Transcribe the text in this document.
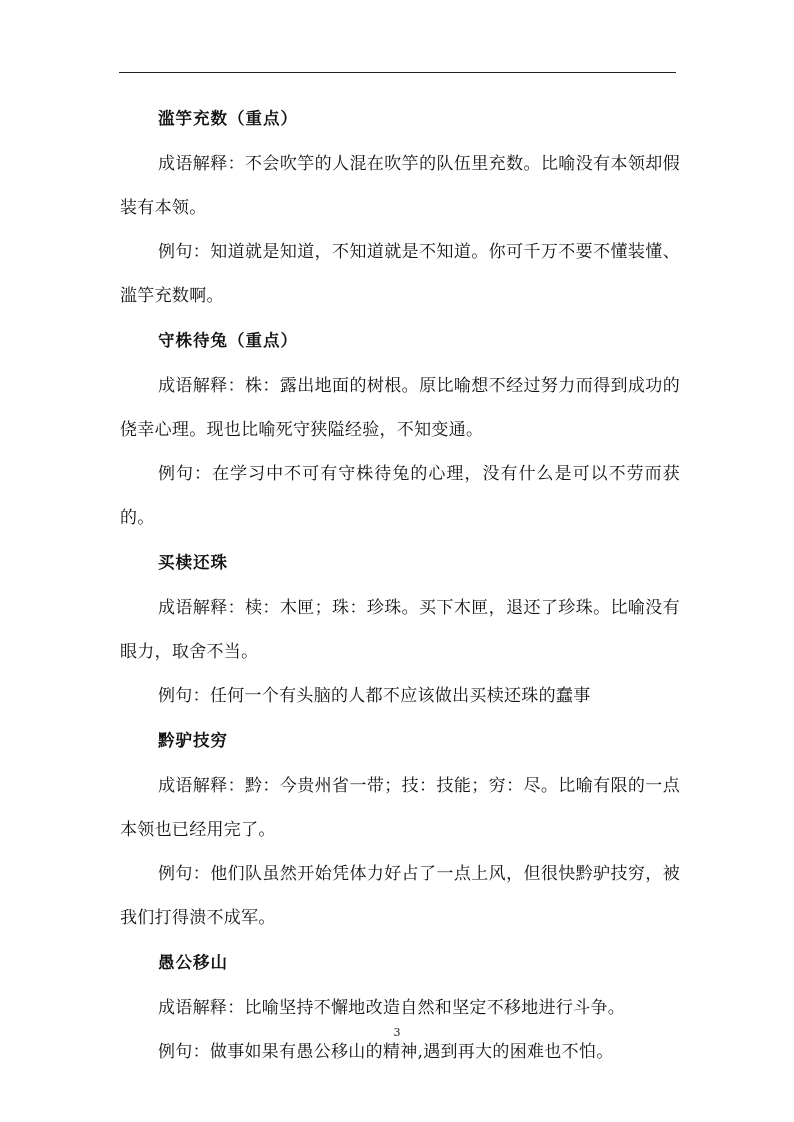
滥竽充数（重点）

成语解释：不会吹竽的人混在吹竽的队伍里充数。比喻没有本领却假装有本领。

例句：知道就是知道，不知道就是不知道。你可千万不要不懂装懂、滥竽充数啊。

守株待兔（重点）

成语解释：株：露出地面的树根。原比喻想不经过努力而得到成功的侥幸心理。现也比喻死守狭隘经验，不知变通。

例句：在学习中不可有守株待兔的心理，没有什么是可以不劳而获的。

买椟还珠

成语解释：椟：木匣；珠：珍珠。买下木匣，退还了珍珠。比喻没有眼力，取舍不当。

例句：任何一个有头脑的人都不应该做出买椟还珠的蠢事

黔驴技穷

成语解释：黔：今贵州省一带；技：技能；穷：尽。比喻有限的一点本领也已经用完了。

例句：他们队虽然开始凭体力好占了一点上风，但很快黔驴技穷，被我们打得溃不成军。

愚公移山

成语解释：比喻坚持不懈地改造自然和坚定不移地进行斗争。

例句：做事如果有愚公移山的精神,遇到再大的困难也不怕。

3
